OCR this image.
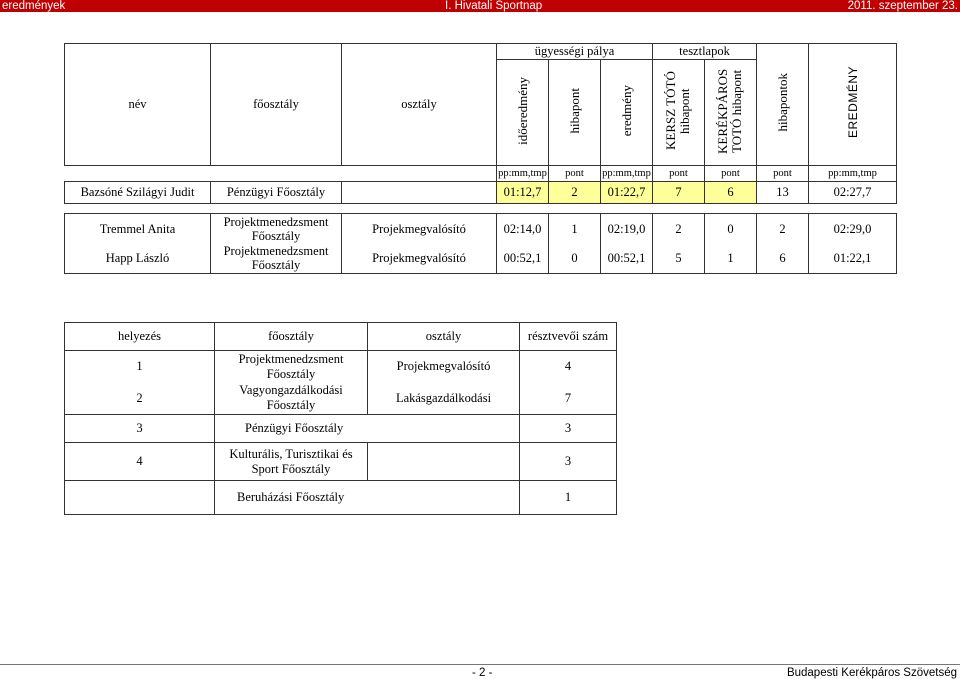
eredmények	I. Hivatali Sportnap	2011. szeptember 23.
név	főosztály	osztály	ügyességi pálya			tesztlapok		hibapontok	EREDMÉNY
			időeredmény	hibapont	eredmény	KERSZ TÓTÓ hibapont	KERÉKPÁROS TOTÓ hibapont		
			pp:mm,tmp	pont	pp:mm,tmp	pont	pont	pont	pp:mm,tmp
Bazsóné Szilágyi Judit	Pénzügyi Főosztály		01:12,7	2	01:22,7	7	6	13	02:27,7

Tremmel Anita	Projektmenedzsment Főosztály	Projekmegvalósító	02:14,0	1	02:19,0	2	0	2	02:29,0
Happ László	Projektmenedzsment Főosztály	Projekmegvalósító	00:52,1	0	00:52,1	5	1	6	01:22,1
helyezés	főosztály	osztály	résztvevői szám
1	Projektmenedzsment Főosztály	Projekmegvalósító	4
2	Vagyongazdálkodási Főosztály	Lakásgazdálkodási	7
3	Pénzügyi Főosztály		3
4	Kulturális, Turisztikai és Sport Főosztály		3
	Beruházási Főosztály		1
- 2 -	Budapesti Kerékpáros Szövetség
